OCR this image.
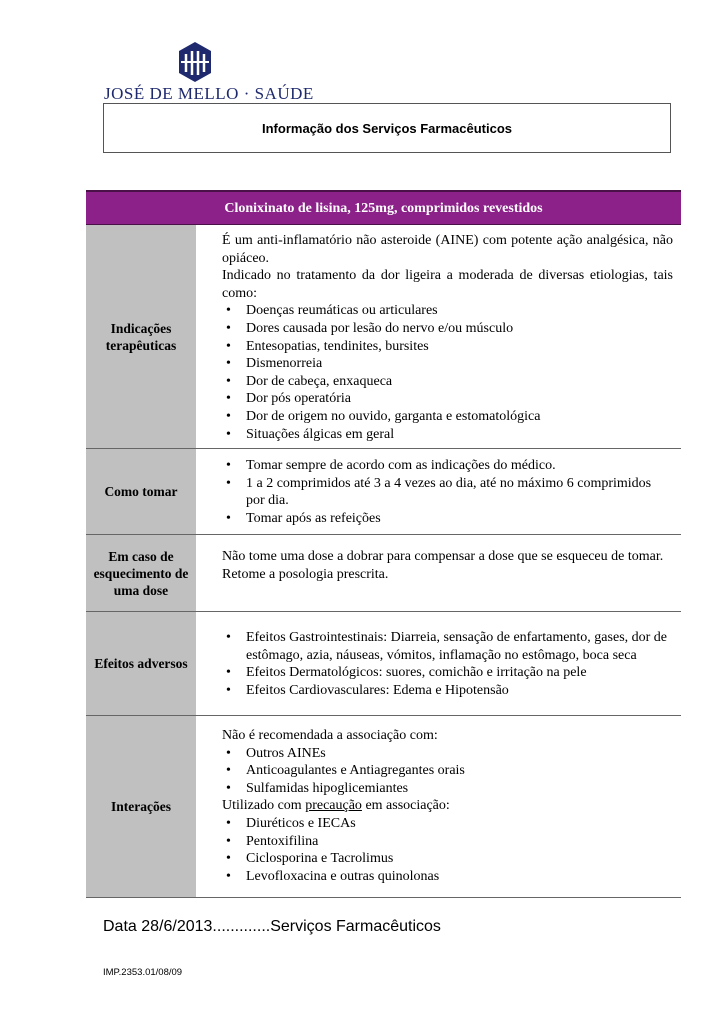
JOSÉ DE MELLO · SAÚDE
Informação dos Serviços Farmacêuticos
Clonixinato de lisina, 125mg, comprimidos revestidos
Indicações terapêuticas

É um anti-inflamatório não asteroide (AINE) com potente ação analgésica, não opiáceo.

Indicado no tratamento da dor ligeira a moderada de diversas etiologias, tais como:

• Doenças reumáticas ou articulares
• Dores causada por lesão do nervo e/ou músculo
• Entesopatias, tendinites, bursites
• Dismenorreia
• Dor de cabeça, enxaqueca
• Dor pós operatória
• Dor de origem no ouvido, garganta e estomatológica
• Situações álgicas em geral
Como tomar
• Tomar sempre de acordo com as indicações do médico.
• 1 a 2 comprimidos até 3 a 4 vezes ao dia, até no máximo 6 comprimidos por dia.
• Tomar após as refeições
Em caso de esquecimento de uma dose

Não tome uma dose a dobrar para compensar a dose que se esqueceu de tomar.

Retome a posologia prescrita.

Efeitos adversos
• Efeitos Gastrointestinais: Diarreia, sensação de enfartamento, gases, dor de estômago, azia, náuseas, vómitos, inflamação no estômago, boca seca
• Efeitos Dermatológicos: suores, comichão e irritação na pele
• Efeitos Cardiovasculares: Edema e Hipotensão
Interações

Não é recomendada a associação com:

• Outros AINEs
• Anticoagulantes e Antiagregantes orais
• Sulfamidas hipoglicemiantes

Utilizado com precaução em associação:

• Diuréticos e IECAs
• Pentoxifilina
• Ciclosporina e Tacrolimus
• Levofloxacina e outras quinolonas
Data 28/6/2013.............Serviços Farmacêuticos
IMP.2353.01/08/09
